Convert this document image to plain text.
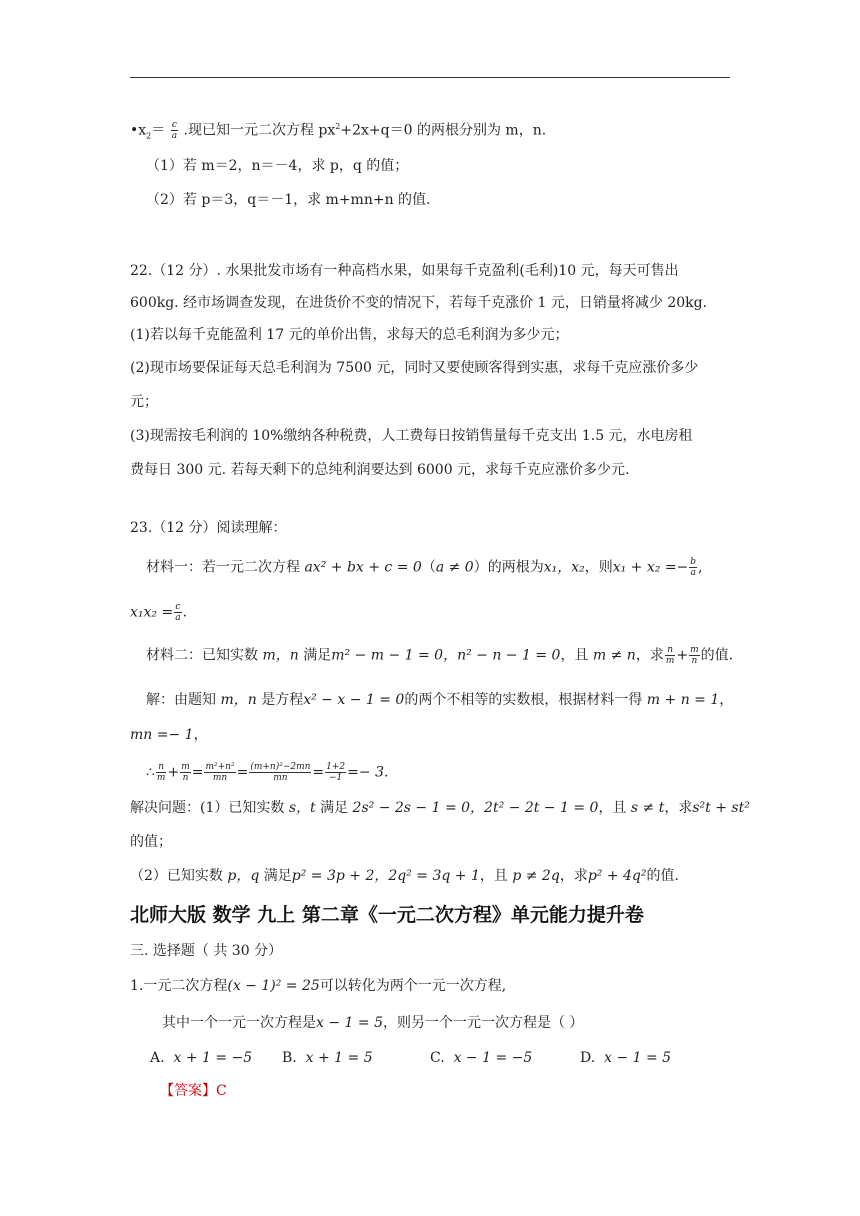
$•x_2= \frac{c}{a}$ .现已知一元二次方程 $px^2+2x+q=0$ 的两根分别为 m，n.
（1）若 m＝2，n＝－4，求 p，q 的值；
（2）若 p＝3，q＝－1，求 m+mn+n 的值.
22.（12 分）. 水果批发市场有一种高档水果，如果每千克盈利(毛利)10 元，每天可售出
600kg. 经市场调查发现，在进货价不变的情况下，若每千克涨价 1 元，日销量将减少 20kg.
(1)若以每千克能盈利 17 元的单价出售，求每天的总毛利润为多少元；
(2)现市场要保证每天总毛利润为 7500 元，同时又要使顾客得到实惠，求每千克应涨价多少
元；
(3)现需按毛利润的 10%缴纳各种税费，人工费每日按销售量每千克支出 1.5 元，水电房租
费每日 300 元. 若每天剩下的总纯利润要达到 6000 元，求每千克应涨价多少元.
23.（12 分）阅读理解：
材料一：若一元二次方程 ax² + bx + c = 0（a ≠ 0）的两根为x₁，x₂，则$x_1 + x_2 =- \frac{b}{a}$ ,
$x_1x_2 = \frac{c}{a}$ .
材料二：已知实数 m，n 满足m² − m − 1 = 0，n² − n − 1 = 0，且 m ≠ n，求 $\frac{n}{m} + \frac{m}{n}$ 的值.
解：由题知 m，n 是方程x² − x − 1 = 0的两个不相等的实数根，根据材料一得 m + n = 1，
mn =− 1，
∴ $\frac{n}{m} + \frac{m}{n} = \frac{\text{m²+n²}}{mn} = \frac{\text{(m+n)²−2mn}}{mn} = \frac{1+2}{-1} =- 3$.
解决问题：(1）已知实数 s，t 满足 2s² − 2s − 1 = 0，2t² − 2t − 1 = 0，且 s ≠ t，求s²t + st²
的值；
（2）已知实数 p，q 满足p² = 3p + 2，2q² = 3q + 1，且 p ≠ 2q，求p² + 4q²的值.
北师大版 数学 九上 第二章《一元二次方程》单元能力提升卷
三. 选择题（ 共 30 分）
1.一元二次方程(x − 1)² = 25可以转化为两个一元一次方程,
其中一个一元一次方程是x − 1 = 5，则另一个一元一次方程是（ ）
A. x + 1 = −5 B. x + 1 = 5	C. x − 1 = −5	D. x − 1 = 5
【答案】C
